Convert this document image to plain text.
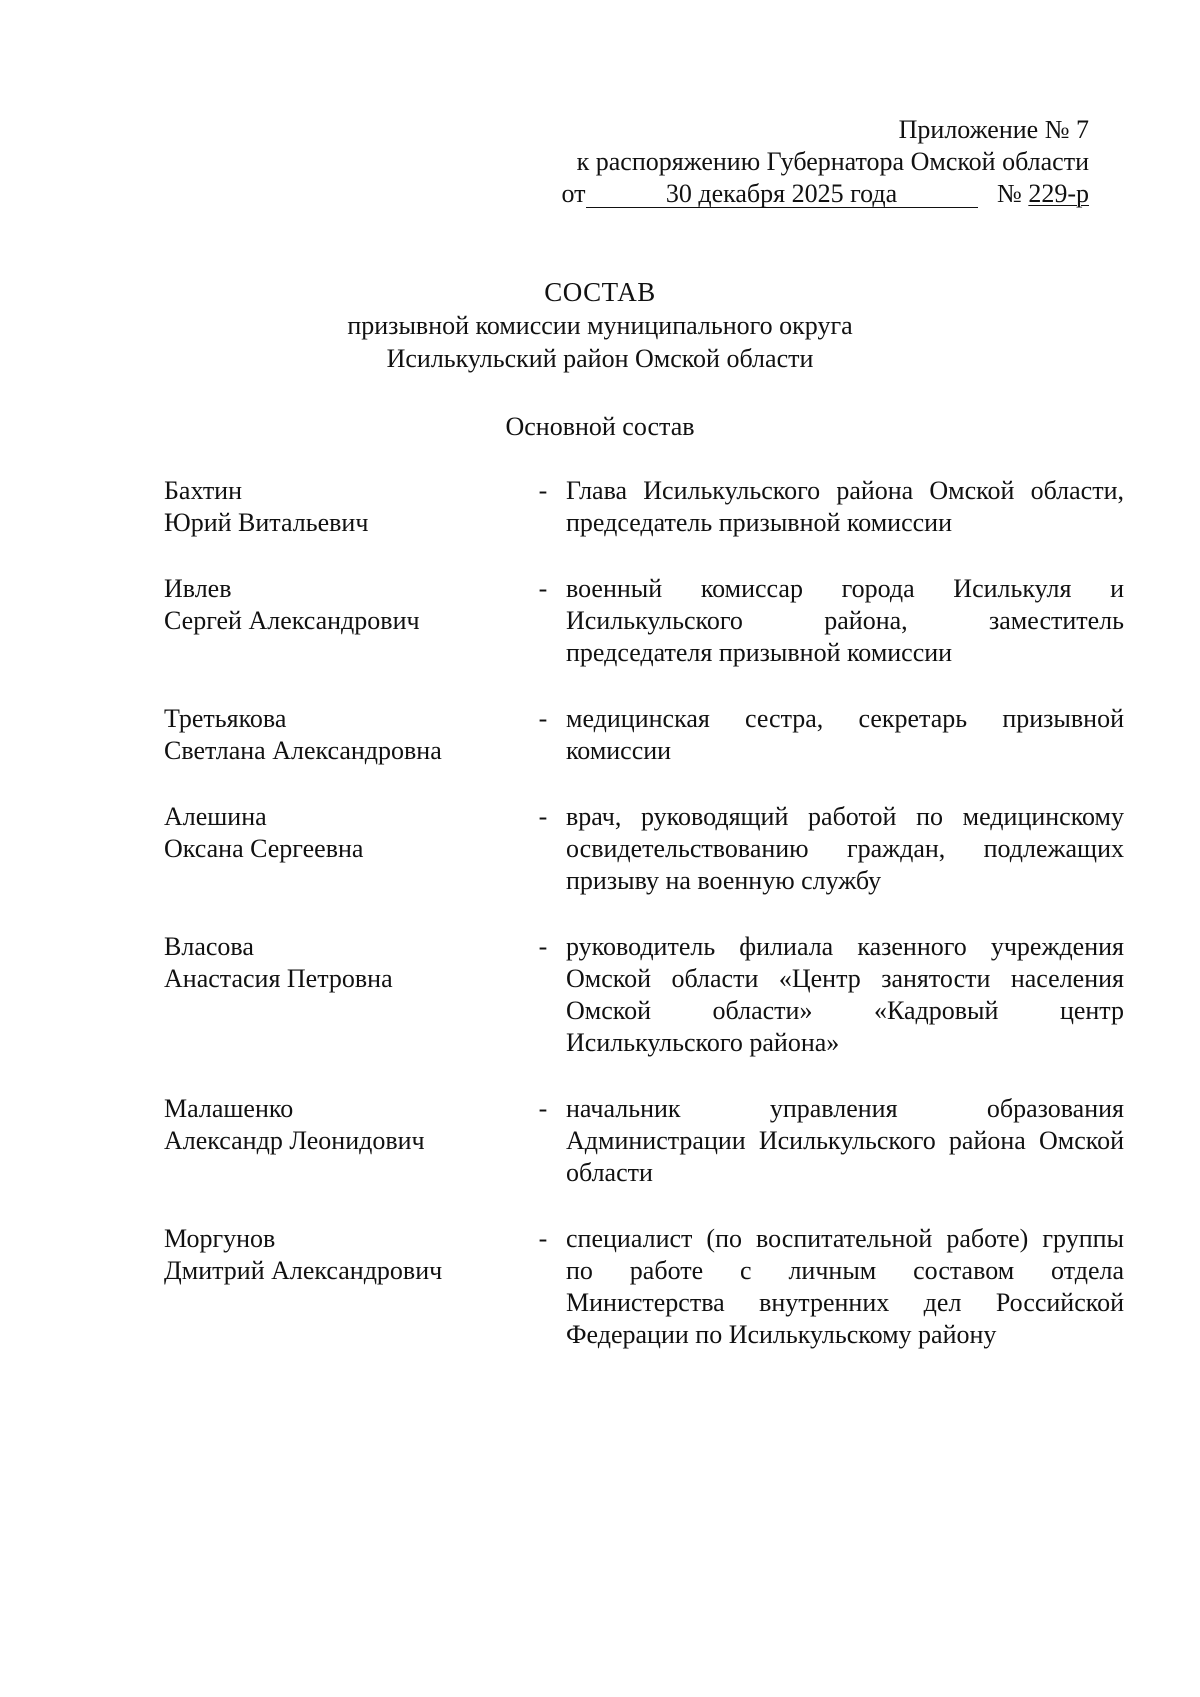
Приложение № 7
к распоряжению Губернатора Омской области
от	30 декабря 2025 года	№ 229-р
СОСТАВ
призывной комиссии муниципального округа
Исилькульский район Омской области
Основной состав
Бахтин
Юрий Витальевич
- Глава Исилькульского района Омской области, председатель призывной комиссии
Ивлев
Сергей Александрович
- военный комиссар города Исилькуля и Исилькульского района, заместитель председателя призывной комиссии
Третьякова
Светлана Александровна
- медицинская сестра, секретарь призывной комиссии
Алешина
Оксана Сергеевна
- врач, руководящий работой по медицинскому освидетельствованию граждан, подлежащих призыву на военную службу
Власова
Анастасия Петровна
- руководитель филиала казенного учреждения Омской области «Центр занятости населения Омской области» «Кадровый центр Исилькульского района»
Малашенко
Александр Леонидович
- начальник управления образования Администрации Исилькульского района Омской области
Моргунов
Дмитрий Александрович
- специалист (по воспитательной работе) группы по работе с личным составом отдела Министерства внутренних дел Российской Федерации по Исилькульскому району
